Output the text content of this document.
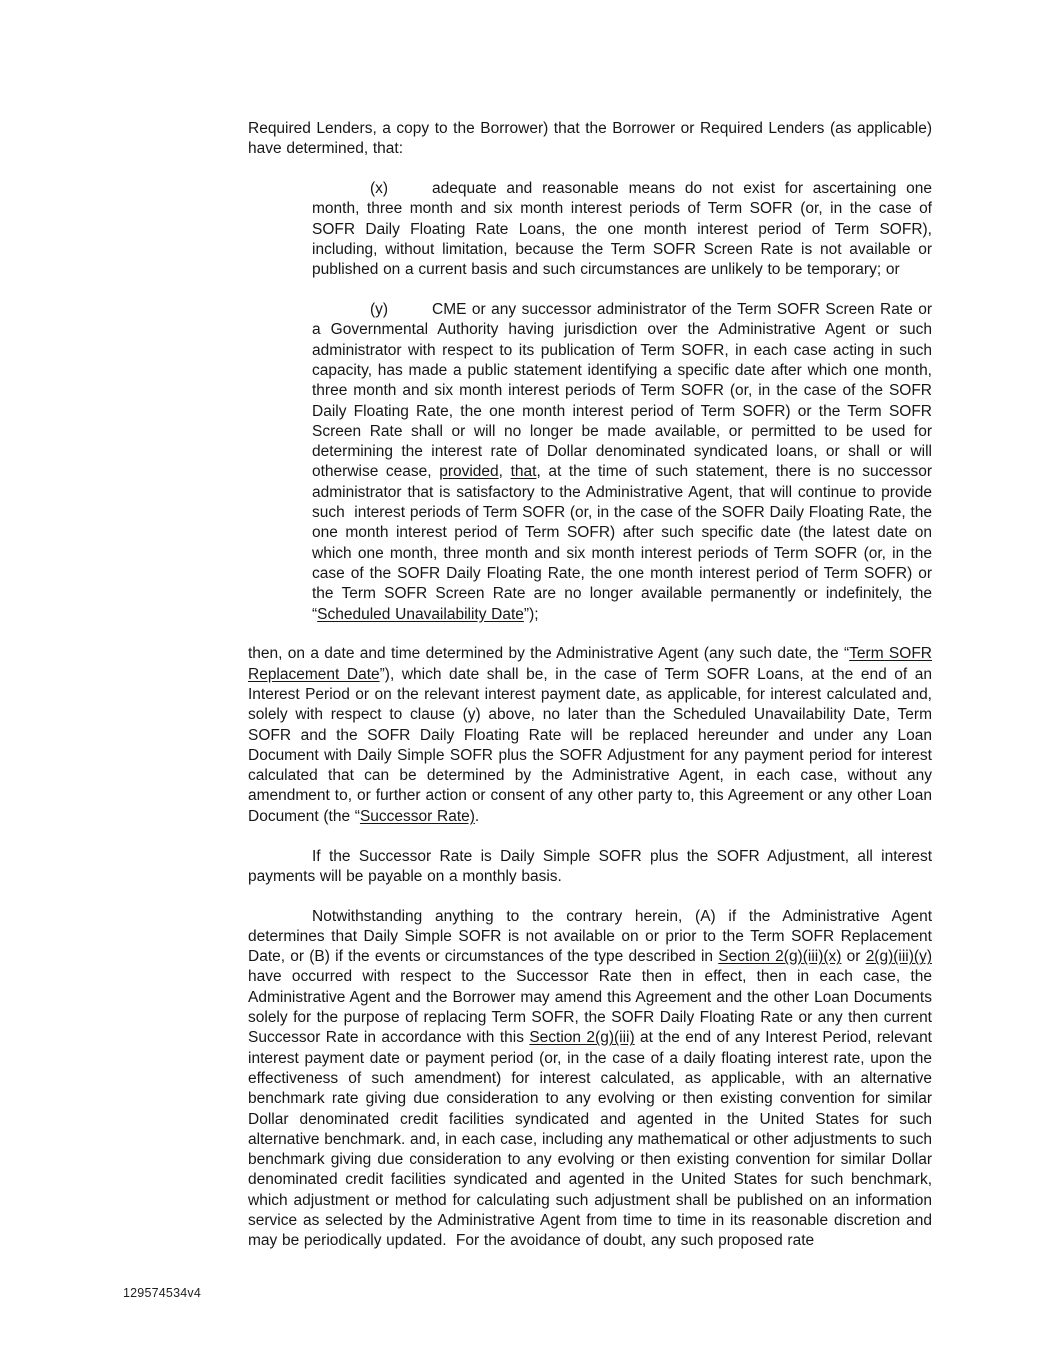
Required Lenders, a copy to the Borrower) that the Borrower or Required Lenders (as applicable) have determined, that:

(x)	adequate and reasonable means do not exist for ascertaining one month, three month and six month interest periods of Term SOFR (or, in the case of SOFR Daily Floating Rate Loans, the one month interest period of Term SOFR), including, without limitation, because the Term SOFR Screen Rate is not available or published on a current basis and such circumstances are unlikely to be temporary; or

(y)	CME or any successor administrator of the Term SOFR Screen Rate or a Governmental Authority having jurisdiction over the Administrative Agent or such administrator with respect to its publication of Term SOFR, in each case acting in such capacity, has made a public statement identifying a specific date after which one month, three month and six month interest periods of Term SOFR (or, in the case of the SOFR Daily Floating Rate, the one month interest period of Term SOFR) or the Term SOFR Screen Rate shall or will no longer be made available, or permitted to be used for determining the interest rate of Dollar denominated syndicated loans, or shall or will otherwise cease, provided, that, at the time of such statement, there is no successor administrator that is satisfactory to the Administrative Agent, that will continue to provide such  interest periods of Term SOFR (or, in the case of the SOFR Daily Floating Rate, the one month interest period of Term SOFR) after such specific date (the latest date on which one month, three month and six month interest periods of Term SOFR (or, in the case of the SOFR Daily Floating Rate, the one month interest period of Term SOFR) or the Term SOFR Screen Rate are no longer available permanently or indefinitely, the “Scheduled Unavailability Date”);

then, on a date and time determined by the Administrative Agent (any such date, the “Term SOFR Replacement Date”), which date shall be, in the case of Term SOFR Loans, at the end of an Interest Period or on the relevant interest payment date, as applicable, for interest calculated and, solely with respect to clause (y) above, no later than the Scheduled Unavailability Date, Term SOFR and the SOFR Daily Floating Rate will be replaced hereunder and under any Loan Document with Daily Simple SOFR plus the SOFR Adjustment for any payment period for interest calculated that can be determined by the Administrative Agent, in each case, without any amendment to, or further action or consent of any other party to, this Agreement or any other Loan Document (the “Successor Rate).

If the Successor Rate is Daily Simple SOFR plus the SOFR Adjustment, all interest payments will be payable on a monthly basis.

Notwithstanding anything to the contrary herein, (A) if the Administrative Agent determines that Daily Simple SOFR is not available on or prior to the Term SOFR Replacement Date, or (B) if the events or circumstances of the type described in Section 2(g)(iii)(x) or 2(g)(iii)(y) have occurred with respect to the Successor Rate then in effect, then in each case, the Administrative Agent and the Borrower may amend this Agreement and the other Loan Documents solely for the purpose of replacing Term SOFR, the SOFR Daily Floating Rate or any then current Successor Rate in accordance with this Section 2(g)(iii) at the end of any Interest Period, relevant interest payment date or payment period (or, in the case of a daily floating interest rate, upon the effectiveness of such amendment) for interest calculated, as applicable, with an alternative benchmark rate giving due consideration to any evolving or then existing convention for similar Dollar denominated credit facilities syndicated and agented in the United States for such alternative benchmark. and, in each case, including any mathematical or other adjustments to such benchmark giving due consideration to any evolving or then existing convention for similar Dollar denominated credit facilities syndicated and agented in the United States for such benchmark, which adjustment or method for calculating such adjustment shall be published on an information service as selected by the Administrative Agent from time to time in its reasonable discretion and may be periodically updated.  For the avoidance of doubt, any such proposed rate

129574534v4
